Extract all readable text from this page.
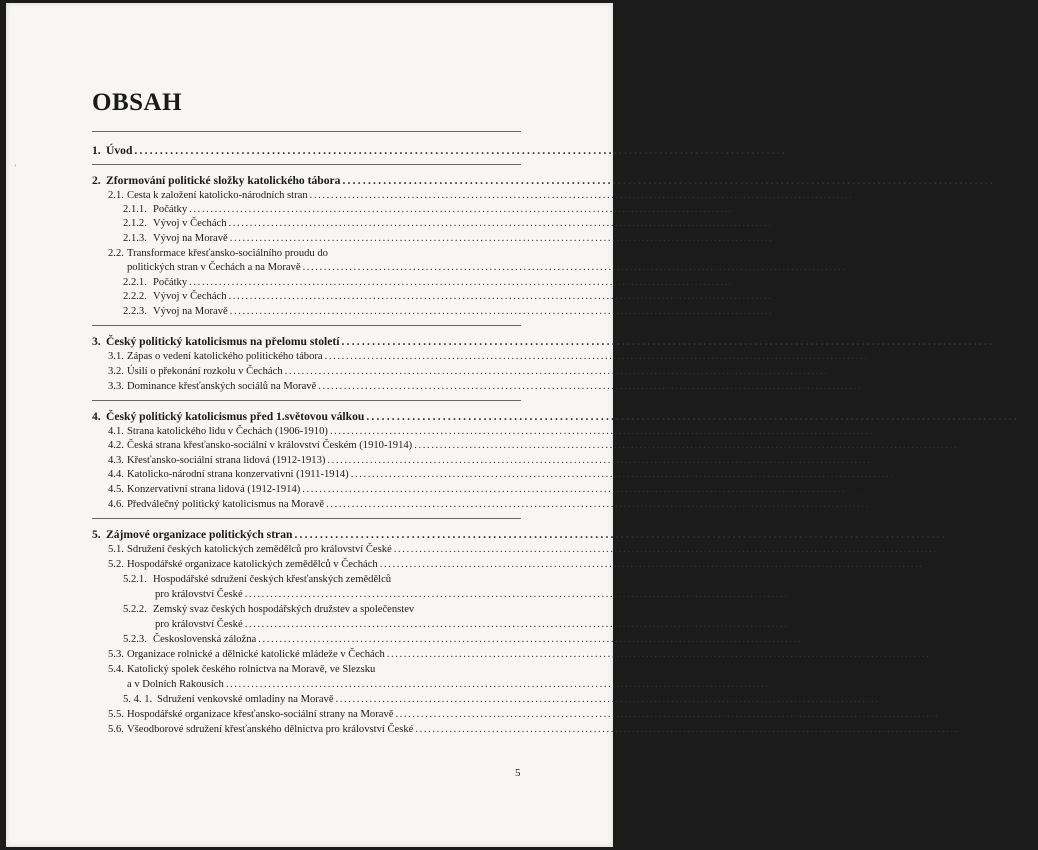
ʼ
OBSAH
1. Úvod ................................................................................................................................ 9
2. Zformování politické složky katolického tábora ................................................................................................................................ 13
2.1. Cesta k založení katolicko-národních stran ................................................................................................................................ 13
2.1.1. Počátky ................................................................................................................................ 13
2.1.2. Vývoj v Čechách ................................................................................................................................ 14
2.1.3. Vývoj na Moravě ................................................................................................................................ 25
2.2. Transformace křesťansko-sociálního proudu do
politických stran v Čechách a na Moravě ................................................................................................................................ 31
2.2.1. Počátky ................................................................................................................................ 31
2.2.2. Vývoj v Čechách ................................................................................................................................ 33
2.2.3. Vývoj na Moravě ................................................................................................................................ 40
3. Český politický katolicismus na přelomu století ................................................................................................................................ 49
3.1. Zápas o vedení katolického politického tábora ................................................................................................................................ 49
3.2. Úsilí o překonání rozkolu v Čechách ................................................................................................................................ 72
3.3. Dominance křesťanských sociálů na Moravě ................................................................................................................................ 93
4. Český politický katolicismus před 1.světovou válkou ................................................................................................................................ 115
4.1. Strana katolického lidu v Čechách (1906-1910) ................................................................................................................................ 115
4.2. Česká strana křesťansko-sociální v království Českém (1910-1914) ................................................................................................................................ 129
4.3. Křesťansko-sociální strana lidová (1912-1913) ................................................................................................................................ 148
4.4. Katolicko-národní strana konzervativní (1911-1914) ................................................................................................................................ 151
4.5. Konzervativní strana lidová (1912-1914) ................................................................................................................................ 156
4.6. Předválečný politický katolicismus na Moravě ................................................................................................................................ 159
5. Zájmové organizace politických stran ................................................................................................................................ 167
5.1. Sdružení českých katolických zemědělců pro království České ................................................................................................................................ 167
5.2. Hospodářské organizace katolických zemědělců v Čechách ................................................................................................................................ 171
5.2.1. Hospodářské sdružení českých křesťanských zemědělců
pro království České ................................................................................................................................ 172
5.2.2. Zemský svaz českých hospodářských družstev a společenstev
pro království České ................................................................................................................................ 173
5.2.3. Československá záložna ................................................................................................................................ 175
5.3. Organizace rolnické a dělnické katolické mládeže v Čechách ................................................................................................................................ 175
5.4. Katolický spolek českého rolnictva na Moravě, ve Slezsku
a v Dolních Rakousích ................................................................................................................................ 178
5. 4. 1. Sdružení venkovské omladiny na Moravě ................................................................................................................................ 181
5.5. Hospodářské organizace křesťansko-sociální strany na Moravě ................................................................................................................................ 183
5.6. Všeodborové sdružení křesťanského dělnictva pro království České ................................................................................................................................ 185
5
